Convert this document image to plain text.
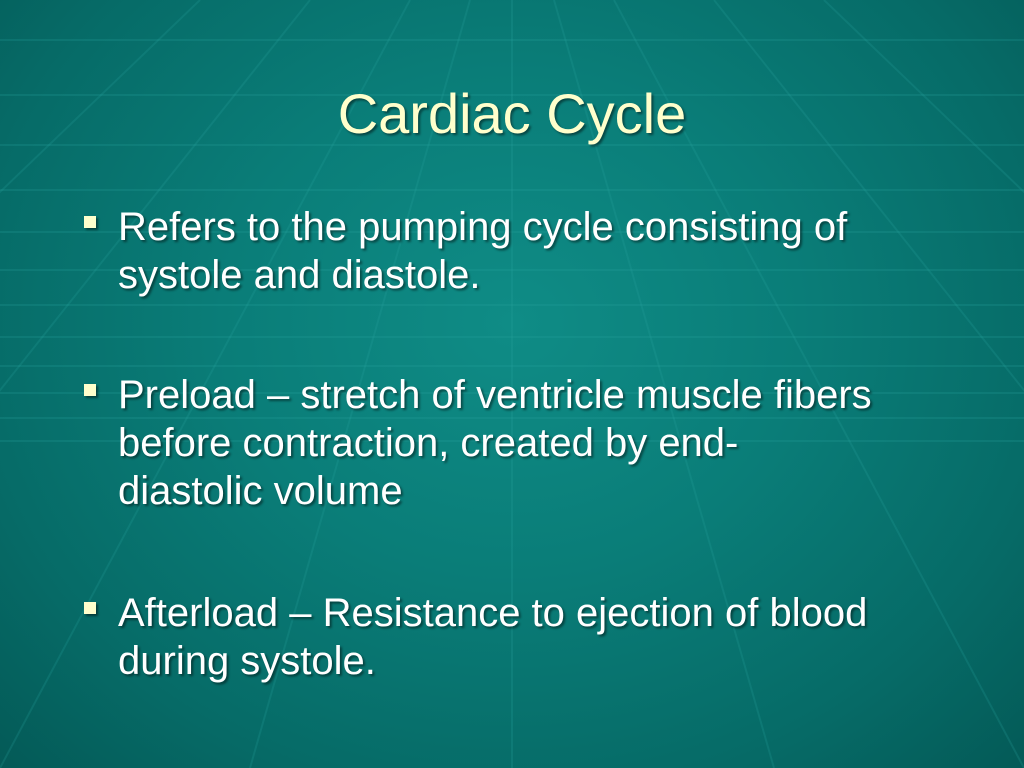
Cardiac Cycle
Refers to the pumping cycle consisting of
systole and diastole.
Preload – stretch of ventricle muscle fibers
before contraction, created by end-
diastolic volume
Afterload – Resistance to ejection of blood
during systole.
